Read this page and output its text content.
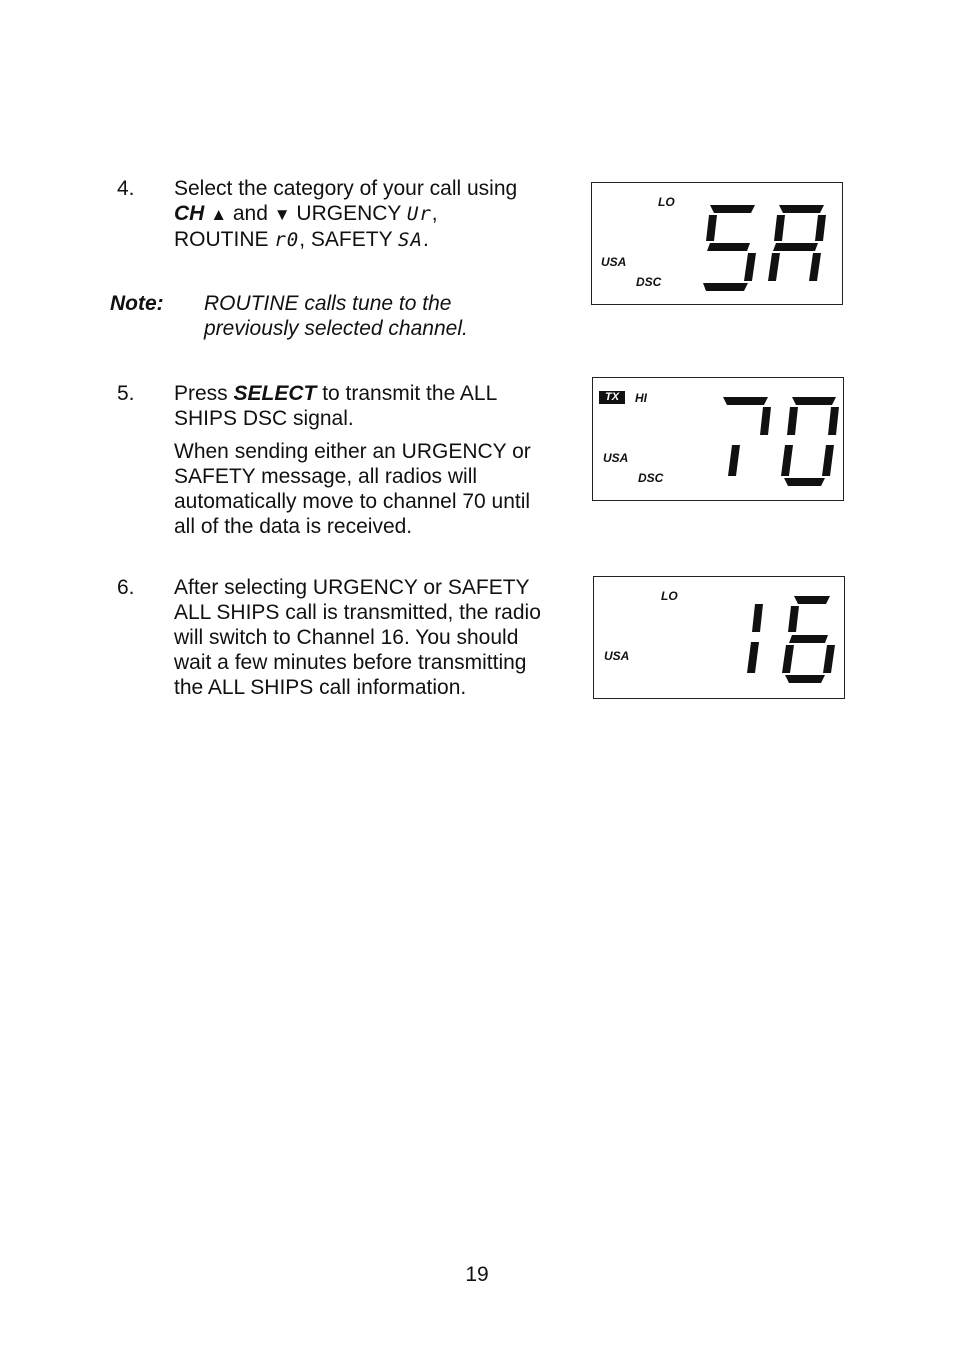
4. Select the category of your call using

CH ▲ and ▼ URGENCY Ur,

ROUTINE r0, SAFETY SA.

Note: ROUTINE calls tune to the
previously selected channel.
5. Press SELECT to transmit the ALL

SHIPS DSC signal.

When sending either an URGENCY or
SAFETY message, all radios will
automatically move to channel 70 until
all of the data is received.

6. After selecting URGENCY or SAFETY
ALL SHIPS call is transmitted, the radio
will switch to Channel 16. You should
wait a few minutes before transmitting
the ALL SHIPS call information.
LO
USA
DSC
TX	HI
USA
DSC
LO
USA
19
